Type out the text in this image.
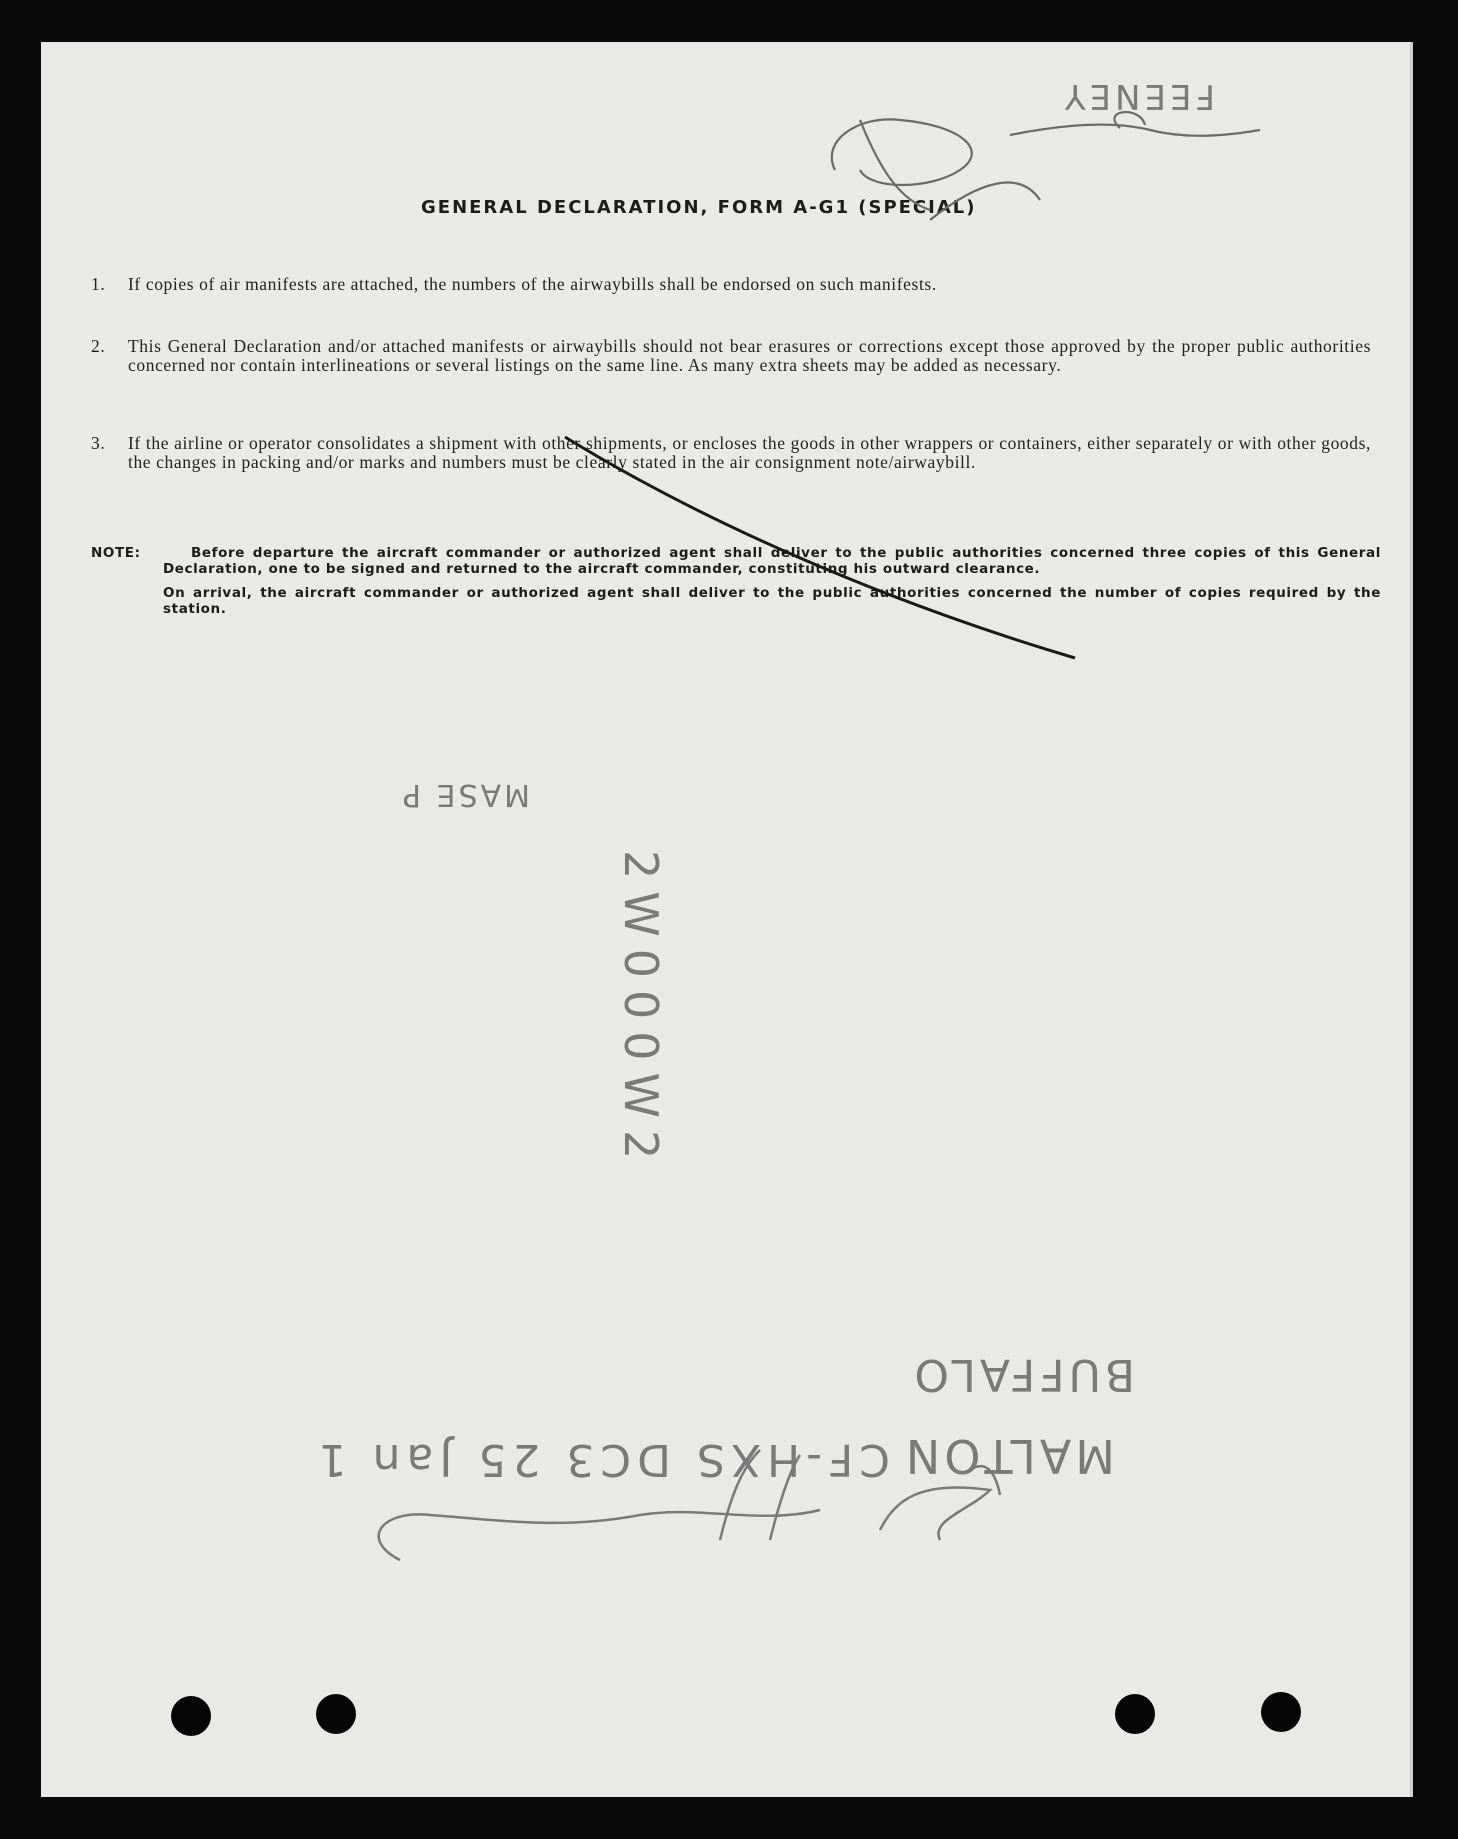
GENERAL DECLARATION, FORM A-G1 (SPECIAL)
1. If copies of air manifests are attached, the numbers of the airwaybills shall be endorsed on such manifests.
2. This General Declaration and/or attached manifests or airwaybills should not bear erasures or corrections except those approved by the proper public authorities concerned nor contain interlineations or several listings on the same line. As many extra sheets may be added as necessary.
3. If the airline or operator consolidates a shipment with other shipments, or encloses the goods in other wrappers or containers, either separately or with other goods, the changes in packing and/or marks and numbers must be clearly stated in the air consignment note/airwaybill.
NOTE:	Before departure the aircraft commander or authorized agent shall deliver to the public authorities concerned three copies of this General Declaration, one to be signed and returned to the aircraft commander, constituting his outward clearance.

On arrival, the aircraft commander or authorized agent shall deliver to the public authorities concerned the number of copies required by the station.

FEENEY
MASE P
2W000W2
BUFFALO
MALTON
CF-HXS DC3 25 Jan 1
